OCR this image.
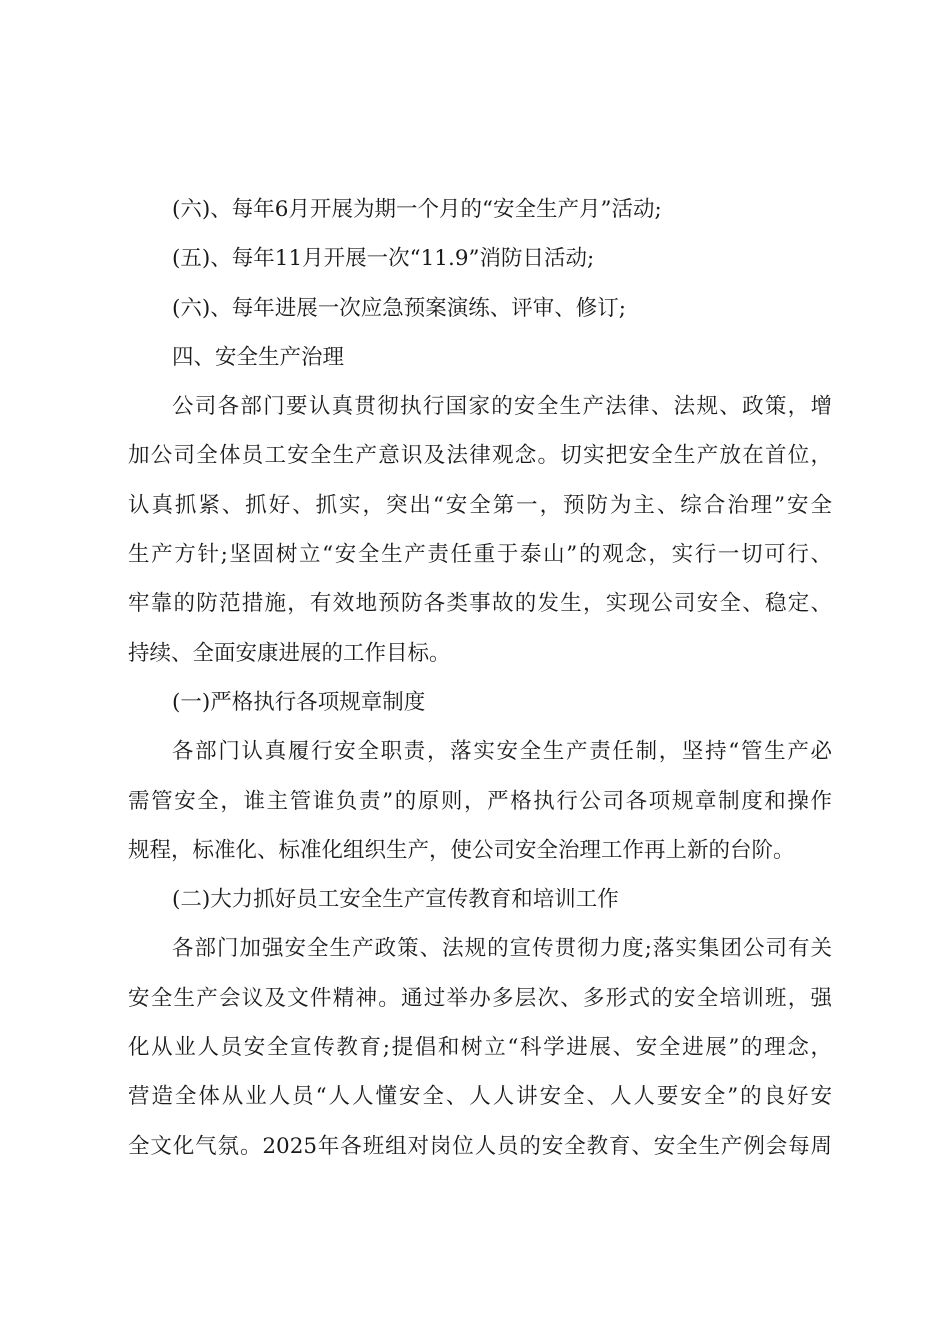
(六)、每年6月开展为期一个月的“安全生产月”活动;
(五)、每年11月开展一次“11.9”消防日活动;
(六)、每年进展一次应急预案演练、评审、修订;
四、安全生产治理
公司各部门要认真贯彻执行国家的安全生产法律、法规、政策，增
加公司全体员工安全生产意识及法律观念。切实把安全生产放在首位，
认真抓紧、抓好、抓实，突出“安全第一，预防为主、综合治理”安全
生产方针;坚固树立“安全生产责任重于泰山”的观念，实行一切可行、
牢靠的防范措施，有效地预防各类事故的发生，实现公司安全、稳定、
持续、全面安康进展的工作目标。
(一)严格执行各项规章制度
各部门认真履行安全职责，落实安全生产责任制，坚持“管生产必
需管安全，谁主管谁负责”的原则，严格执行公司各项规章制度和操作
规程，标准化、标准化组织生产，使公司安全治理工作再上新的台阶。
(二)大力抓好员工安全生产宣传教育和培训工作
各部门加强安全生产政策、法规的宣传贯彻力度;落实集团公司有关
安全生产会议及文件精神。通过举办多层次、多形式的安全培训班，强
化从业人员安全宣传教育;提倡和树立“科学进展、安全进展”的理念，
营造全体从业人员“人人懂安全、人人讲安全、人人要安全”的良好安
全文化气氛。2025年各班组对岗位人员的安全教育、安全生产例会每周
